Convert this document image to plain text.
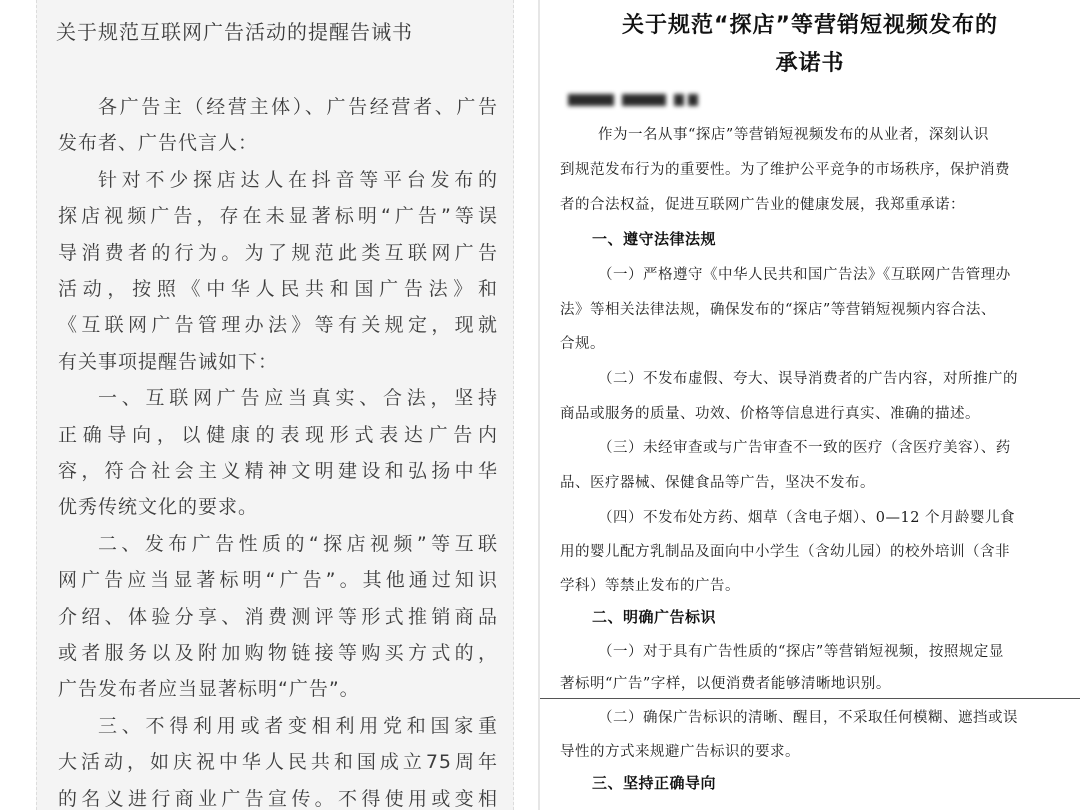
关于规范互联网广告活动的提醒告诫书
各广告主（经营主体）、广告经营者、广告
发布者、广告代言人：
针对不少探店达人在抖音等平台发布的
探店视频广告，存在未显著标明“广告”等误
导消费者的行为。为了规范此类互联网广告
活动，按照《中华人民共和国广告法》和
《互联网广告管理办法》等有关规定，现就
有关事项提醒告诫如下：
一、互联网广告应当真实、合法，坚持
正确导向，以健康的表现形式表达广告内
容，符合社会主义精神文明建设和弘扬中华
优秀传统文化的要求。
二、发布广告性质的“探店视频”等互联
网广告应当显著标明“广告”。其他通过知识
介绍、体验分享、消费测评等形式推销商品
或者服务以及附加购物链接等购买方式的，
广告发布者应当显著标明“广告”。
三、不得利用或者变相利用党和国家重
大活动，如庆祝中华人民共和国成立75周年
的名义进行商业广告宣传。不得使用或变相
关于规范“探店”等营销短视频发布的
承诺书
作为一名从事“探店”等营销短视频发布的从业者，深刻认识
到规范发布行为的重要性。为了维护公平竞争的市场秩序，保护消费
者的合法权益，促进互联网广告业的健康发展，我郑重承诺：
一、遵守法律法规
（一）严格遵守《中华人民共和国广告法》《互联网广告管理办
法》等相关法律法规，确保发布的“探店”等营销短视频内容合法、
合规。
（二）不发布虚假、夸大、误导消费者的广告内容，对所推广的
商品或服务的质量、功效、价格等信息进行真实、准确的描述。
（三）未经审查或与广告审查不一致的医疗（含医疗美容）、药
品、医疗器械、保健食品等广告，坚决不发布。
（四）不发布处方药、烟草（含电子烟）、0—12 个月龄婴儿食
用的婴儿配方乳制品及面向中小学生（含幼儿园）的校外培训（含非
学科）等禁止发布的广告。
二、明确广告标识
（一）对于具有广告性质的“探店”等营销短视频，按照规定显
著标明“广告”字样，以便消费者能够清晰地识别。
（二）确保广告标识的清晰、醒目，不采取任何模糊、遮挡或误
导性的方式来规避广告标识的要求。
三、坚持正确导向
